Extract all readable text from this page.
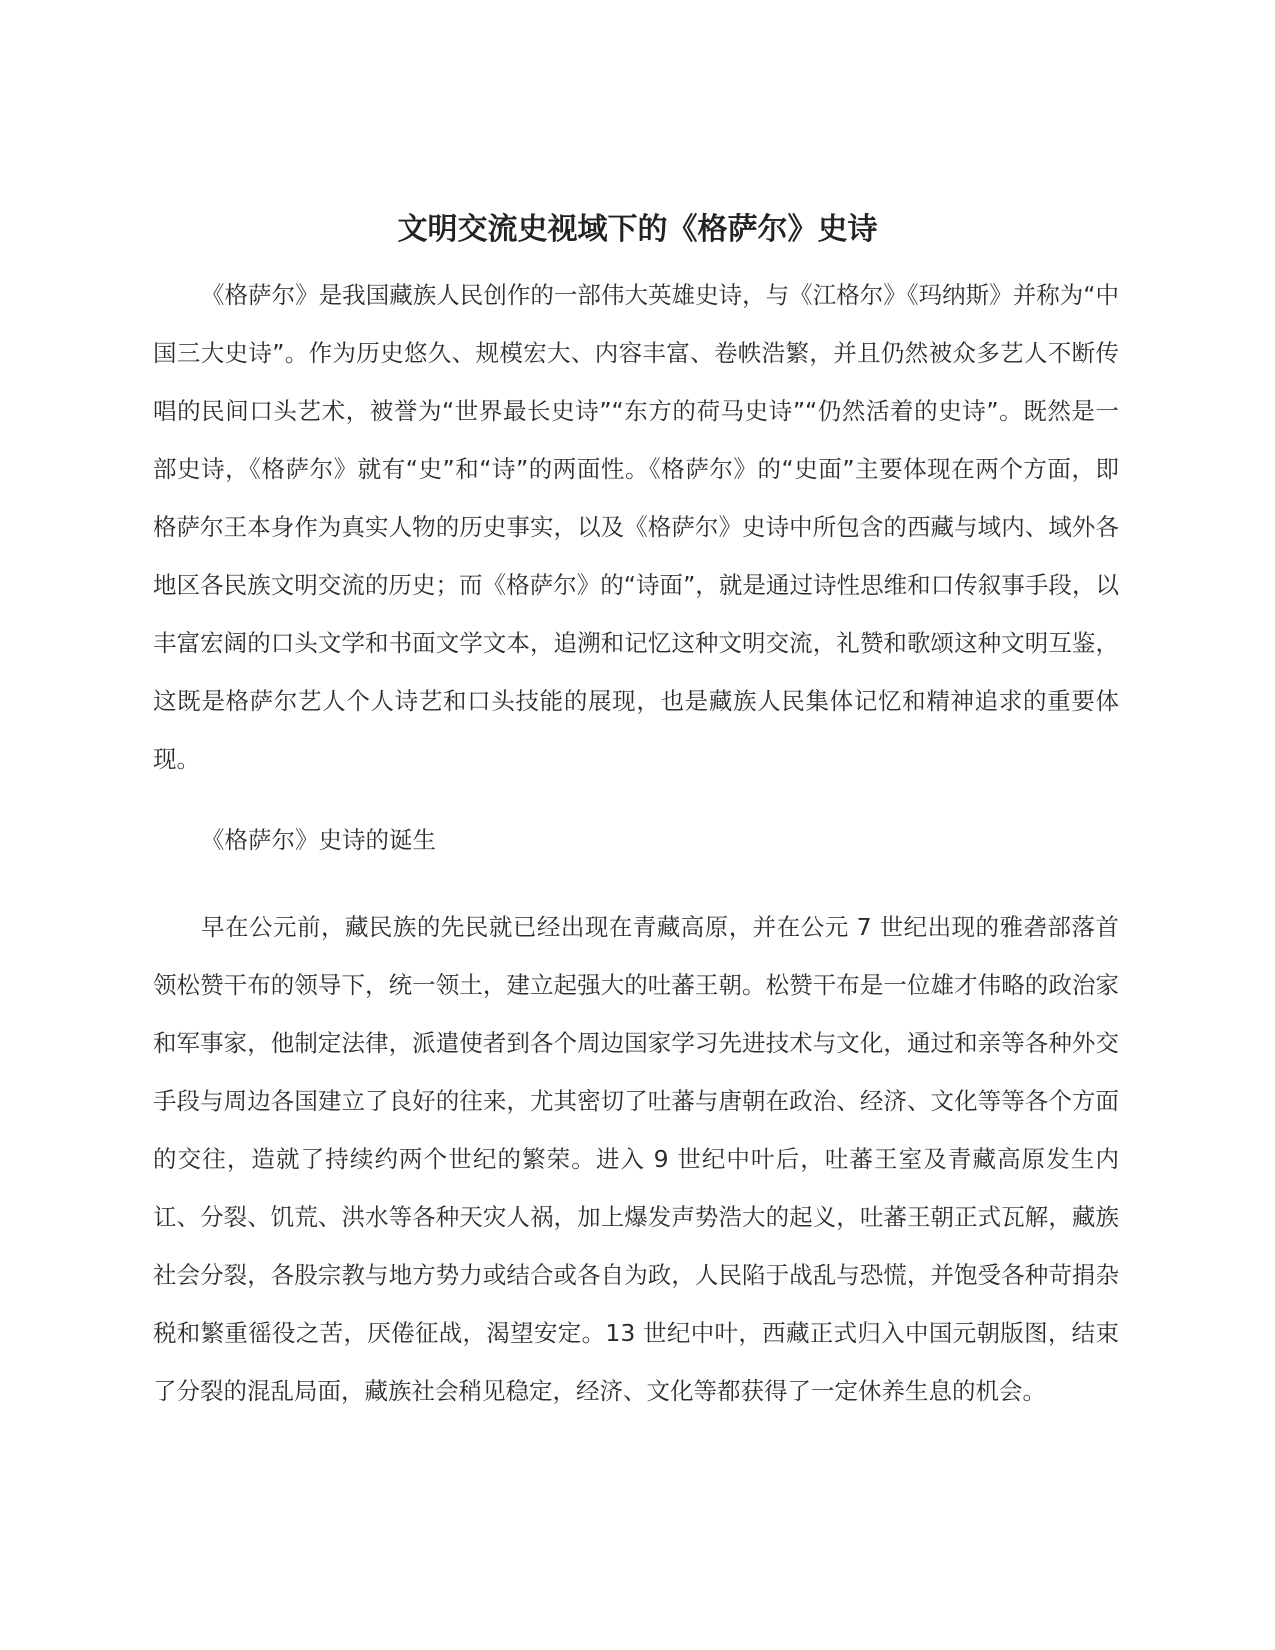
文明交流史视域下的《格萨尔》史诗

《格萨尔》是我国藏族人民创作的一部伟大英雄史诗，与《江格尔》《玛纳斯》并称为“中国三大史诗”。作为历史悠久、规模宏大、内容丰富、卷帙浩繁，并且仍然被众多艺人不断传唱的民间口头艺术，被誉为“世界最长史诗”“东方的荷马史诗”“仍然活着的史诗”。既然是一部史诗，《格萨尔》就有“史”和“诗”的两面性。《格萨尔》的“史面”主要体现在两个方面，即格萨尔王本身作为真实人物的历史事实，以及《格萨尔》史诗中所包含的西藏与域内、域外各地区各民族文明交流的历史；而《格萨尔》的“诗面”，就是通过诗性思维和口传叙事手段，以丰富宏阔的口头文学和书面文学文本，追溯和记忆这种文明交流，礼赞和歌颂这种文明互鉴，这既是格萨尔艺人个人诗艺和口头技能的展现，也是藏族人民集体记忆和精神追求的重要体现。

《格萨尔》史诗的诞生

早在公元前，藏民族的先民就已经出现在青藏高原，并在公元 7 世纪出现的雅砻部落首领松赞干布的领导下，统一领土，建立起强大的吐蕃王朝。松赞干布是一位雄才伟略的政治家和军事家，他制定法律，派遣使者到各个周边国家学习先进技术与文化，通过和亲等各种外交手段与周边各国建立了良好的往来，尤其密切了吐蕃与唐朝在政治、经济、文化等等各个方面的交往，造就了持续约两个世纪的繁荣。进入 9 世纪中叶后，吐蕃王室及青藏高原发生内讧、分裂、饥荒、洪水等各种天灾人祸，加上爆发声势浩大的起义，吐蕃王朝正式瓦解，藏族社会分裂，各股宗教与地方势力或结合或各自为政，人民陷于战乱与恐慌，并饱受各种苛捐杂税和繁重徭役之苦，厌倦征战，渴望安定。13 世纪中叶，西藏正式归入中国元朝版图，结束了分裂的混乱局面，藏族社会稍见稳定，经济、文化等都获得了一定休养生息的机会。
